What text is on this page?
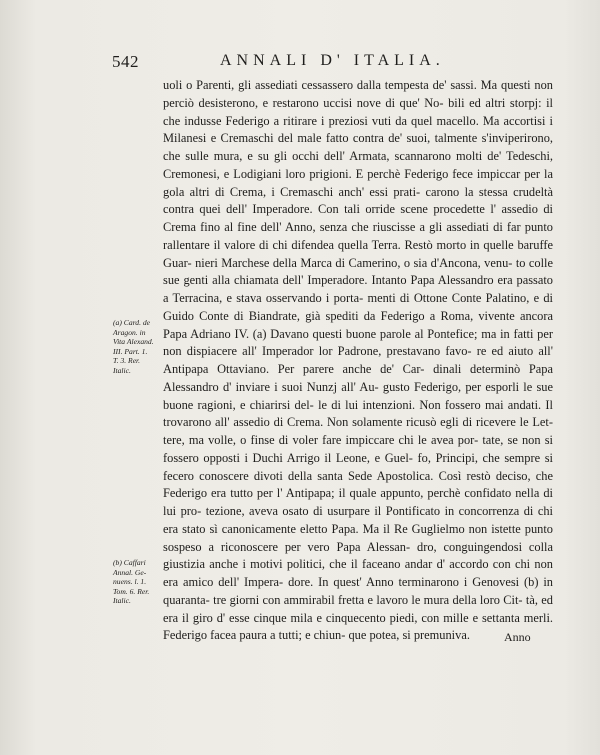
542	ANNALI D' ITALIA.

uoli o Parenti, gli assediati cessassero dalla tempesta de' sassi. Ma questi non perciò desisterono, e restarono uccisi nove di que' No- bili ed altri storpj: il che indusse Federigo a ritirare i preziosi vuti da quel macello. Ma accortisi i Milanesi e Cremaschi del male fatto contra de' suoi, talmente s'inviperirono, che sulle mura, e su gli occhi dell' Armata, scannarono molti de' Tedeschi, Cremonesi, e Lodigiani loro prigioni. E perchè Federigo fece impiccar per la gola altri di Crema, i Cremaschi anch' essi prati- carono la stessa crudeltà contra quei dell' Imperadore. Con tali orride scene procedette l' assedio di Crema fino al fine dell' Anno, senza che riuscisse a gli assediati di far punto rallentare il valore di chi difendea quella Terra. Restò morto in quelle baruffe Guar- nieri Marchese della Marca di Camerino, o sia d'Ancona, venu- to colle sue genti alla chiamata dell' Imperadore. Intanto Papa Alessandro era passato a Terracina, e stava osservando i porta- menti di Ottone Conte Palatino, e di Guido Conte di Biandrate, già spediti da Federigo a Roma, vivente ancora Papa Adriano IV. (a) Davano questi buone parole al Pontefice; ma in fatti per non dispiacere all' Imperador lor Padrone, prestavano favo- re ed aiuto all' Antipapa Ottaviano. Per parere anche de' Car- dinali determinò Papa Alessandro d' inviare i suoi Nunzj all' Au- gusto Federigo, per esporli le sue buone ragioni, e chiarirsi del- le di lui intenzioni. Non fossero mai andati. Il trovarono all' assedio di Crema. Non solamente ricusò egli di ricevere le Let- tere, ma volle, o finse di voler fare impiccare chi le avea por- tate, se non si fossero opposti i Duchi Arrigo il Leone, e Guel- fo, Principi, che sempre si fecero conoscere divoti della santa Sede Apostolica. Così restò deciso, che Federigo era tutto per l' Antipapa; il quale appunto, perchè confidato nella di lui pro- tezione, aveva osato di usurpare il Pontificato in concorrenza di chi era stato sì canonicamente eletto Papa. Ma il Re Guglielmo non istette punto sospeso a riconoscere per vero Papa Alessan- dro, conguingendosi colla giustizia anche i motivi politici, che il faceano andar d' accordo con chi non era amico dell' Impera- dore. In quest' Anno terminarono i Genovesi (b) in quaranta- tre giorni con ammirabil fretta e lavoro le mura della loro Cit- tà, ed era il giro d' esse cinque mila e cinquecento piedi, con mille e settanta merli. Federigo facea paura a tutti; e chiun- que potea, si premuniva.

(a) Card. de
Aragon. in
Vita Alexand.
III. Part. 1.
T. 3. Rer.
Italic.
(b) Caffari
Annal. Ge-
nuens. l. 1.
Tom. 6. Rer.
Italic.
Anno
